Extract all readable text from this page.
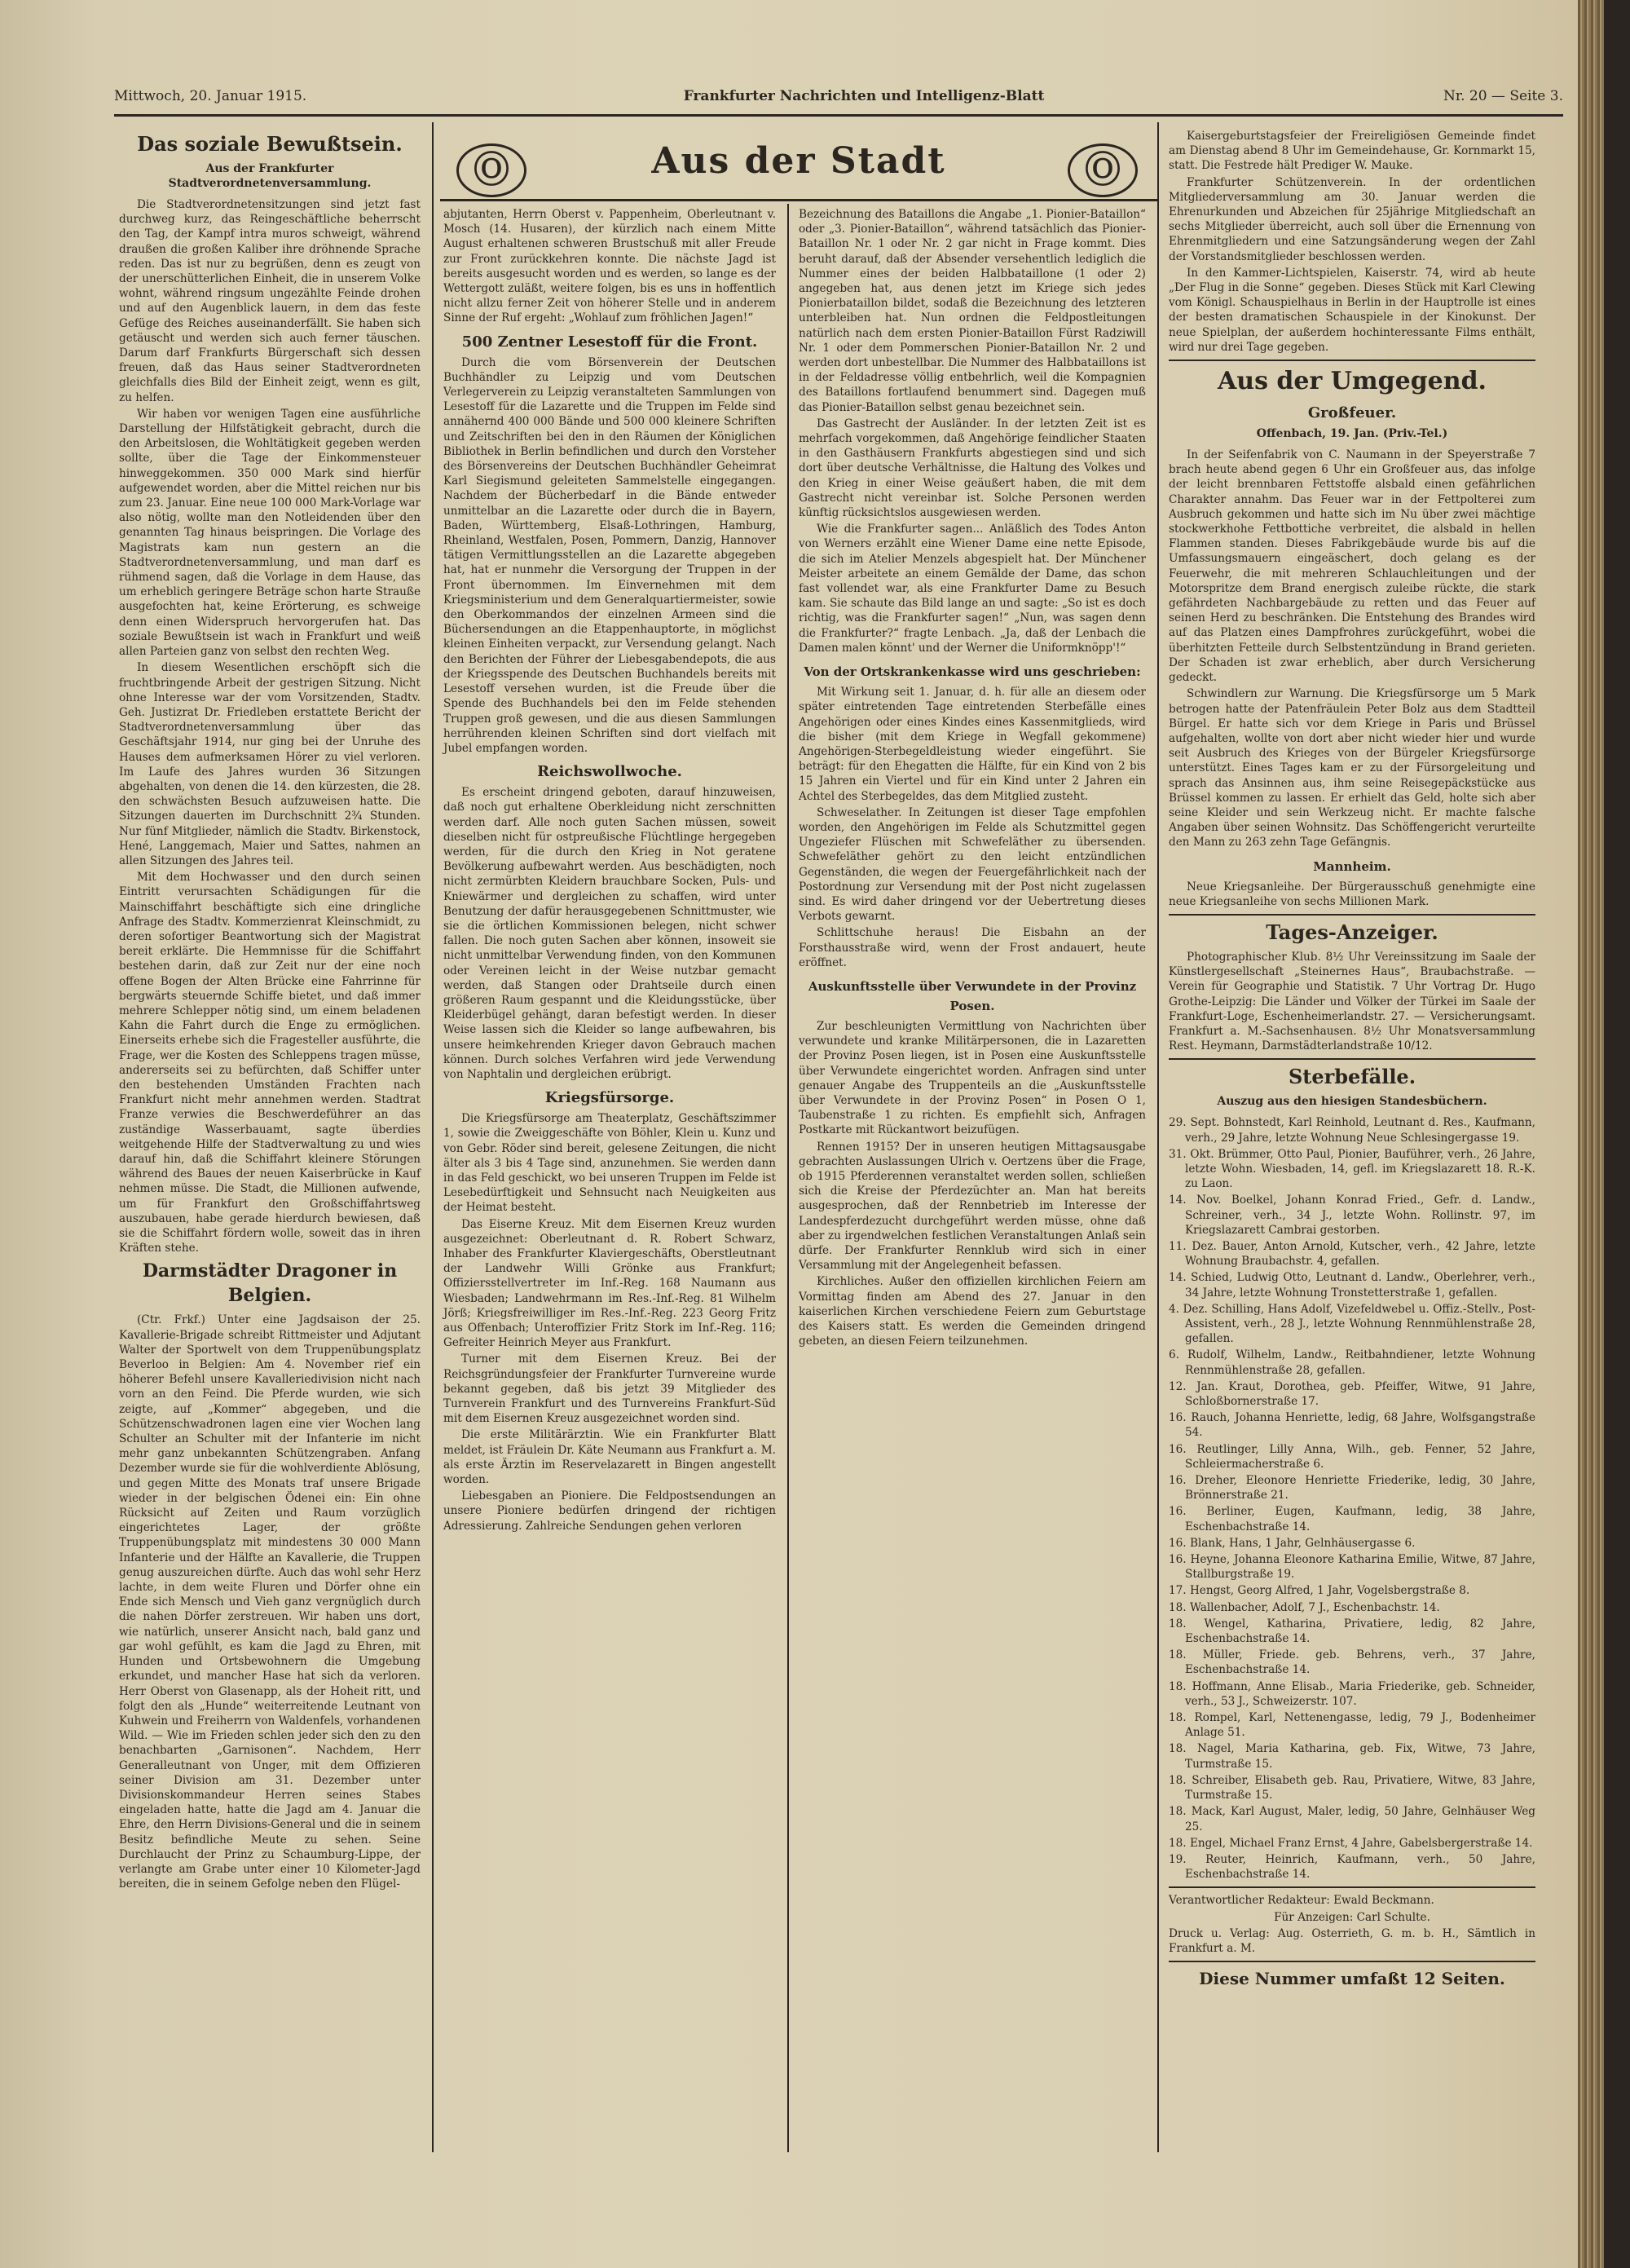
Mittwoch, 20. Januar 1915.	Frankfurter Nachrichten und Intelligenz-Blatt	Nr. 20 — Seite 3.
Ⓞ	Aus der Stadt	Ⓞ
Das soziale Bewußtsein.
Aus der Frankfurter Stadtverordnetenversammlung.

Die Stadtverordnetensitzungen sind jetzt fast durchweg kurz, das Reingeschäftliche beherrscht den Tag, der Kampf intra muros schweigt, während draußen die großen Kaliber ihre dröhnende Sprache reden. Das ist nur zu begrüßen, denn es zeugt von der unerschütterlichen Einheit, die in unserem Volke wohnt, während ringsum ungezählte Feinde drohen und auf den Augenblick lauern, in dem das feste Gefüge des Reiches auseinanderfällt. Sie haben sich getäuscht und werden sich auch ferner täuschen. Darum darf Frankfurts Bürgerschaft sich dessen freuen, daß das Haus seiner Stadtverordneten gleichfalls dies Bild der Einheit zeigt, wenn es gilt, zu helfen.

Wir haben vor wenigen Tagen eine ausführliche Darstellung der Hilfstätigkeit gebracht, durch die den Arbeitslosen, die Wohltätigkeit gegeben werden sollte, über die Tage der Einkommensteuer hinweggekommen. 350 000 Mark sind hierfür aufgewendet worden, aber die Mittel reichen nur bis zum 23. Januar. Eine neue 100 000 Mark-Vorlage war also nötig, wollte man den Notleidenden über den genannten Tag hinaus beispringen. Die Vorlage des Magistrats kam nun gestern an die Stadtverordnetenversammlung, und man darf es rühmend sagen, daß die Vorlage in dem Hause, das um erheblich geringere Beträge schon harte Strauße ausgefochten hat, keine Erörterung, es schweige denn einen Widerspruch hervorgerufen hat. Das soziale Bewußtsein ist wach in Frankfurt und weiß allen Parteien ganz von selbst den rechten Weg.

In diesem Wesentlichen erschöpft sich die fruchtbringende Arbeit der gestrigen Sitzung. Nicht ohne Interesse war der vom Vorsitzenden, Stadtv. Geh. Justizrat Dr. Friedleben erstattete Bericht der Stadtverordnetenversammlung über das Geschäftsjahr 1914, nur ging bei der Unruhe des Hauses dem aufmerksamen Hörer zu viel verloren. Im Laufe des Jahres wurden 36 Sitzungen abgehalten, von denen die 14. den kürzesten, die 28. den schwächsten Besuch aufzuweisen hatte. Die Sitzungen dauerten im Durchschnitt 2¾ Stunden. Nur fünf Mitglieder, nämlich die Stadtv. Birkenstock, Hené, Langgemach, Maier und Sattes, nahmen an allen Sitzungen des Jahres teil.

Mit dem Hochwasser und den durch seinen Eintritt verursachten Schädigungen für die Mainschiffahrt beschäftigte sich eine dringliche Anfrage des Stadtv. Kommerzienrat Kleinschmidt, zu deren sofortiger Beantwortung sich der Magistrat bereit erklärte. Die Hemmnisse für die Schiffahrt bestehen darin, daß zur Zeit nur der eine noch offene Bogen der Alten Brücke eine Fahrrinne für bergwärts steuernde Schiffe bietet, und daß immer mehrere Schlepper nötig sind, um einem beladenen Kahn die Fahrt durch die Enge zu ermöglichen. Einerseits erhebe sich die Fragesteller ausführte, die Frage, wer die Kosten des Schleppens tragen müsse, andererseits sei zu befürchten, daß Schiffer unter den bestehenden Umständen Frachten nach Frankfurt nicht mehr annehmen werden. Stadtrat Franze verwies die Beschwerdeführer an das zuständige Wasserbauamt, sagte überdies weitgehende Hilfe der Stadtverwaltung zu und wies darauf hin, daß die Schiffahrt kleinere Störungen während des Baues der neuen Kaiserbrücke in Kauf nehmen müsse. Die Stadt, die Millionen aufwende, um für Frankfurt den Großschiffahrtsweg auszubauen, habe gerade hierdurch bewiesen, daß sie die Schiffahrt fördern wolle, soweit das in ihren Kräften stehe.

Darmstädter Dragoner in Belgien.

(Ctr. Frkf.) Unter eine Jagdsaison der 25. Kavallerie-Brigade schreibt Rittmeister und Adjutant Walter der Sportwelt von dem Truppenübungsplatz Beverloo in Belgien: Am 4. November rief ein höherer Befehl unsere Kavalleriedivision nicht nach vorn an den Feind. Die Pferde wurden, wie sich zeigte, auf „Kommer“ abgegeben, und die Schützenschwadronen lagen eine vier Wochen lang Schulter an Schulter mit der Infanterie im nicht mehr ganz unbekannten Schützengraben. Anfang Dezember wurde sie für die wohlverdiente Ablösung, und gegen Mitte des Monats traf unsere Brigade wieder in der belgischen Ödenei ein: Ein ohne Rücksicht auf Zeiten und Raum vorzüglich eingerichtetes Lager, der größte Truppenübungsplatz mit mindestens 30 000 Mann Infanterie und der Hälfte an Kavallerie, die Truppen genug auszureichen dürfte. Auch das wohl sehr Herz lachte, in dem weite Fluren und Dörfer ohne ein Ende sich Mensch und Vieh ganz vergnüglich durch die nahen Dörfer zerstreuen. Wir haben uns dort, wie natürlich, unserer Ansicht nach, bald ganz und gar wohl gefühlt, es kam die Jagd zu Ehren, mit Hunden und Ortsbewohnern die Umgebung erkundet, und mancher Hase hat sich da verloren. Herr Oberst von Glasenapp, als der Hoheit ritt, und folgt den als „Hunde“ weiterreitende Leutnant von Kuhwein und Freiherrn von Waldenfels, vorhandenen Wild. — Wie im Frieden schlen jeder sich den zu den benachbarten „Garnisonen“. Nachdem, Herr Generalleutnant von Unger, mit dem Offizieren seiner Division am 31. Dezember unter Divisionskommandeur Herren seines Stabes eingeladen hatte, hatte die Jagd am 4. Januar die Ehre, den Herrn Divisions-General und die in seinem Besitz befindliche Meute zu sehen. Seine Durchlaucht der Prinz zu Schaumburg-Lippe, der verlangte am Grabe unter einer 10 Kilometer-Jagd bereiten, die in seinem Gefolge neben den Flügel-

abjutanten, Herrn Oberst v. Pappenheim, Oberleutnant v. Mosch (14. Husaren), der kürzlich nach einem Mitte August erhaltenen schweren Brustschuß mit aller Freude zur Front zurückkehren konnte. Die nächste Jagd ist bereits ausgesucht worden und es werden, so lange es der Wettergott zuläßt, weitere folgen, bis es uns in hoffentlich nicht allzu ferner Zeit von höherer Stelle und in anderem Sinne der Ruf ergeht: „Wohlauf zum fröhlichen Jagen!“

500 Zentner Lesestoff für die Front.

Durch die vom Börsenverein der Deutschen Buchhändler zu Leipzig und vom Deutschen Verlegerverein zu Leipzig veranstalteten Sammlungen von Lesestoff für die Lazarette und die Truppen im Felde sind annähernd 400 000 Bände und 500 000 kleinere Schriften und Zeitschriften bei den in den Räumen der Königlichen Bibliothek in Berlin befindlichen und durch den Vorsteher des Börsenvereins der Deutschen Buchhändler Geheimrat Karl Siegismund geleiteten Sammelstelle eingegangen. Nachdem der Bücherbedarf in die Bände entweder unmittelbar an die Lazarette oder durch die in Bayern, Baden, Württemberg, Elsaß-Lothringen, Hamburg, Rheinland, Westfalen, Posen, Pommern, Danzig, Hannover tätigen Vermittlungsstellen an die Lazarette abgegeben hat, hat er nunmehr die Versorgung der Truppen in der Front übernommen. Im Einvernehmen mit dem Kriegsministerium und dem Generalquartiermeister, sowie den Oberkommandos der einzelnen Armeen sind die Büchersendungen an die Etappenhauptorte, in möglichst kleinen Einheiten verpackt, zur Versendung gelangt. Nach den Berichten der Führer der Liebesgabendepots, die aus der Kriegsspende des Deutschen Buchhandels bereits mit Lesestoff versehen wurden, ist die Freude über die Spende des Buchhandels bei den im Felde stehenden Truppen groß gewesen, und die aus diesen Sammlungen herrührenden kleinen Schriften sind dort vielfach mit Jubel empfangen worden.

Reichswollwoche.

Es erscheint dringend geboten, darauf hinzuweisen, daß noch gut erhaltene Oberkleidung nicht zerschnitten werden darf. Alle noch guten Sachen müssen, soweit dieselben nicht für ostpreußische Flüchtlinge hergegeben werden, für die durch den Krieg in Not geratene Bevölkerung aufbewahrt werden. Aus beschädigten, noch nicht zermürbten Kleidern brauchbare Socken, Puls- und Kniewärmer und dergleichen zu schaffen, wird unter Benutzung der dafür herausgegebenen Schnittmuster, wie sie die örtlichen Kommissionen belegen, nicht schwer fallen. Die noch guten Sachen aber können, insoweit sie nicht unmittelbar Verwendung finden, von den Kommunen oder Vereinen leicht in der Weise nutzbar gemacht werden, daß Stangen oder Drahtseile durch einen größeren Raum gespannt und die Kleidungsstücke, über Kleiderbügel gehängt, daran befestigt werden. In dieser Weise lassen sich die Kleider so lange aufbewahren, bis unsere heimkehrenden Krieger davon Gebrauch machen können. Durch solches Verfahren wird jede Verwendung von Naphtalin und dergleichen erübrigt.

Kriegsfürsorge.

Die Kriegsfürsorge am Theaterplatz, Geschäftszimmer 1, sowie die Zweiggeschäfte von Böhler, Klein u. Kunz und von Gebr. Röder sind bereit, gelesene Zeitungen, die nicht älter als 3 bis 4 Tage sind, anzunehmen. Sie werden dann in das Feld geschickt, wo bei unseren Truppen im Felde ist Lesebedürftigkeit und Sehnsucht nach Neuigkeiten aus der Heimat besteht.

Das Eiserne Kreuz. Mit dem Eisernen Kreuz wurden ausgezeichnet: Oberleutnant d. R. Robert Schwarz, Inhaber des Frankfurter Klaviergeschäfts, Oberstleutnant der Landwehr Willi Grönke aus Frankfurt; Offiziersstellvertreter im Inf.-Reg. 168 Naumann aus Wiesbaden; Landwehrmann im Res.-Inf.-Reg. 81 Wilhelm Jörß; Kriegsfreiwilliger im Res.-Inf.-Reg. 223 Georg Fritz aus Offenbach; Unteroffizier Fritz Stork im Inf.-Reg. 116; Gefreiter Heinrich Meyer aus Frankfurt.

Turner mit dem Eisernen Kreuz. Bei der Reichsgründungsfeier der Frankfurter Turnvereine wurde bekannt gegeben, daß bis jetzt 39 Mitglieder des Turnverein Frankfurt und des Turnvereins Frankfurt-Süd mit dem Eisernen Kreuz ausgezeichnet worden sind.

Die erste Militärärztin. Wie ein Frankfurter Blatt meldet, ist Fräulein Dr. Käte Neumann aus Frankfurt a. M. als erste Ärztin im Reservelazarett in Bingen angestellt worden.

Liebesgaben an Pioniere. Die Feldpostsendungen an unsere Pioniere bedürfen dringend der richtigen Adressierung. Zahlreiche Sendungen gehen verloren

Bezeichnung des Bataillons die Angabe „1. Pionier-Bataillon“ oder „3. Pionier-Bataillon“, während tatsächlich das Pionier-Bataillon Nr. 1 oder Nr. 2 gar nicht in Frage kommt. Dies beruht darauf, daß der Absender versehentlich lediglich die Nummer eines der beiden Halbbataillone (1 oder 2) angegeben hat, aus denen jetzt im Kriege sich jedes Pionierbataillon bildet, sodaß die Bezeichnung des letzteren unterbleiben hat. Nun ordnen die Feldpostleitungen natürlich nach dem ersten Pionier-Bataillon Fürst Radziwill Nr. 1 oder dem Pommerschen Pionier-Bataillon Nr. 2 und werden dort unbestellbar. Die Nummer des Halbbataillons ist in der Feldadresse völlig entbehrlich, weil die Kompagnien des Bataillons fortlaufend benummert sind. Dagegen muß das Pionier-Bataillon selbst genau bezeichnet sein.

Das Gastrecht der Ausländer. In der letzten Zeit ist es mehrfach vorgekommen, daß Angehörige feindlicher Staaten in den Gasthäusern Frankfurts abgestiegen sind und sich dort über deutsche Verhältnisse, die Haltung des Volkes und den Krieg in einer Weise geäußert haben, die mit dem Gastrecht nicht vereinbar ist. Solche Personen werden künftig rücksichtslos ausgewiesen werden.

Wie die Frankfurter sagen... Anläßlich des Todes Anton von Werners erzählt eine Wiener Dame eine nette Episode, die sich im Atelier Menzels abgespielt hat. Der Münchener Meister arbeitete an einem Gemälde der Dame, das schon fast vollendet war, als eine Frankfurter Dame zu Besuch kam. Sie schaute das Bild lange an und sagte: „So ist es doch richtig, was die Frankfurter sagen!“ „Nun, was sagen denn die Frankfurter?“ fragte Lenbach. „Ja, daß der Lenbach die Damen malen könnt' und der Werner die Uniformknöpp'!“

Von der Ortskrankenkasse wird uns geschrieben:

Mit Wirkung seit 1. Januar, d. h. für alle an diesem oder später eintretenden Tage eintretenden Sterbefälle eines Angehörigen oder eines Kindes eines Kassenmitglieds, wird die bisher (mit dem Kriege in Wegfall gekommene) Angehörigen-Sterbegeldleistung wieder eingeführt. Sie beträgt: für den Ehegatten die Hälfte, für ein Kind von 2 bis 15 Jahren ein Viertel und für ein Kind unter 2 Jahren ein Achtel des Sterbegeldes, das dem Mitglied zusteht.

Schweselather. In Zeitungen ist dieser Tage empfohlen worden, den Angehörigen im Felde als Schutzmittel gegen Ungeziefer Flüschen mit Schwefeläther zu übersenden. Schwefeläther gehört zu den leicht entzündlichen Gegenständen, die wegen der Feuergefährlichkeit nach der Postordnung zur Versendung mit der Post nicht zugelassen sind. Es wird daher dringend vor der Uebertretung dieses Verbots gewarnt.

Schlittschuhe heraus! Die Eisbahn an der Forsthausstraße wird, wenn der Frost andauert, heute eröffnet.

Auskunftsstelle über Verwundete in der Provinz Posen.

Zur beschleunigten Vermittlung von Nachrichten über verwundete und kranke Militärpersonen, die in Lazaretten der Provinz Posen liegen, ist in Posen eine Auskunftsstelle über Verwundete eingerichtet worden. Anfragen sind unter genauer Angabe des Truppenteils an die „Auskunftsstelle über Verwundete in der Provinz Posen“ in Posen O 1, Taubenstraße 1 zu richten. Es empfiehlt sich, Anfragen Postkarte mit Rückantwort beizufügen.

Rennen 1915? Der in unseren heutigen Mittagsausgabe gebrachten Auslassungen Ulrich v. Oertzens über die Frage, ob 1915 Pferderennen veranstaltet werden sollen, schließen sich die Kreise der Pferdezüchter an. Man hat bereits ausgesprochen, daß der Rennbetrieb im Interesse der Landespferdezucht durchgeführt werden müsse, ohne daß aber zu irgendwelchen festlichen Veranstaltungen Anlaß sein dürfe. Der Frankfurter Rennklub wird sich in einer Versammlung mit der Angelegenheit befassen.

Kirchliches. Außer den offiziellen kirchlichen Feiern am Vormittag finden am Abend des 27. Januar in den kaiserlichen Kirchen verschiedene Feiern zum Geburtstage des Kaisers statt. Es werden die Gemeinden dringend gebeten, an diesen Feiern teilzunehmen.

Kaisergeburtstagsfeier der Freireligiösen Gemeinde findet am Dienstag abend 8 Uhr im Gemeindehause, Gr. Kornmarkt 15, statt. Die Festrede hält Prediger W. Mauke.

Frankfurter Schützenverein. In der ordentlichen Mitgliederversammlung am 30. Januar werden die Ehrenurkunden und Abzeichen für 25jährige Mitgliedschaft an sechs Mitglieder überreicht, auch soll über die Ernennung von Ehrenmitgliedern und eine Satzungsänderung wegen der Zahl der Vorstandsmitglieder beschlossen werden.

In den Kammer-Lichtspielen, Kaiserstr. 74, wird ab heute „Der Flug in die Sonne“ gegeben. Dieses Stück mit Karl Clewing vom Königl. Schauspielhaus in Berlin in der Hauptrolle ist eines der besten dramatischen Schauspiele in der Kinokunst. Der neue Spielplan, der außerdem hochinteressante Films enthält, wird nur drei Tage gegeben.

Aus der Umgegend.
Großfeuer.
Offenbach, 19. Jan. (Priv.-Tel.)

In der Seifenfabrik von C. Naumann in der Speyerstraße 7 brach heute abend gegen 6 Uhr ein Großfeuer aus, das infolge der leicht brennbaren Fettstoffe alsbald einen gefährlichen Charakter annahm. Das Feuer war in der Fettpolterei zum Ausbruch gekommen und hatte sich im Nu über zwei mächtige stockwerkhohe Fettbottiche verbreitet, die alsbald in hellen Flammen standen. Dieses Fabrikgebäude wurde bis auf die Umfassungsmauern eingeäschert, doch gelang es der Feuerwehr, die mit mehreren Schlauchleitungen und der Motorspritze dem Brand energisch zuleibe rückte, die stark gefährdeten Nachbargebäude zu retten und das Feuer auf seinen Herd zu beschränken. Die Entstehung des Brandes wird auf das Platzen eines Dampfrohres zurückgeführt, wobei die überhitzten Fetteile durch Selbstentzündung in Brand gerieten. Der Schaden ist zwar erheblich, aber durch Versicherung gedeckt.

Schwindlern zur Warnung. Die Kriegsfürsorge um 5 Mark betrogen hatte der Patenfräulein Peter Bolz aus dem Stadtteil Bürgel. Er hatte sich vor dem Kriege in Paris und Brüssel aufgehalten, wollte von dort aber nicht wieder hier und wurde seit Ausbruch des Krieges von der Bürgeler Kriegsfürsorge unterstützt. Eines Tages kam er zu der Fürsorgeleitung und sprach das Ansinnen aus, ihm seine Reisegepäckstücke aus Brüssel kommen zu lassen. Er erhielt das Geld, holte sich aber seine Kleider und sein Werkzeug nicht. Er machte falsche Angaben über seinen Wohnsitz. Das Schöffengericht verurteilte den Mann zu 263 zehn Tage Gefängnis.

Mannheim.

Neue Kriegsanleihe. Der Bürgerausschuß genehmigte eine neue Kriegsanleihe von sechs Millionen Mark.

Tages-Anzeiger.

Photographischer Klub. 8½ Uhr Vereinssitzung im Saale der Künstlergesellschaft „Steinernes Haus“, Braubachstraße. — Verein für Geographie und Statistik. 7 Uhr Vortrag Dr. Hugo Grothe-Leipzig: Die Länder und Völker der Türkei im Saale der Frankfurt-Loge, Eschenheimerlandstr. 27. — Versicherungsamt. Frankfurt a. M.-Sachsenhausen. 8½ Uhr Monatsversammlung Rest. Heymann, Darmstädterlandstraße 10/12.

Sterbefälle.
Auszug aus den hiesigen Standesbüchern.

29. Sept. Bohnstedt, Karl Reinhold, Leutnant d. Res., Kaufmann, verh., 29 Jahre, letzte Wohnung Neue Schlesingergasse 19.

31. Okt. Brümmer, Otto Paul, Pionier, Bauführer, verh., 26 Jahre, letzte Wohn. Wiesbaden, 14, gefl. im Kriegslazarett 18. R.-K. zu Laon.

14. Nov. Boelkel, Johann Konrad Fried., Gefr. d. Landw., Schreiner, verh., 34 J., letzte Wohn. Rollinstr. 97, im Kriegslazarett Cambrai gestorben.

11. Dez. Bauer, Anton Arnold, Kutscher, verh., 42 Jahre, letzte Wohnung Braubachstr. 4, gefallen.

14. Schied, Ludwig Otto, Leutnant d. Landw., Oberlehrer, verh., 34 Jahre, letzte Wohnung Tronstetterstraße 1, gefallen.

4. Dez. Schilling, Hans Adolf, Vizefeldwebel u. Offiz.-Stellv., Post-Assistent, verh., 28 J., letzte Wohnung Rennmühlenstraße 28, gefallen.

6. Rudolf, Wilhelm, Landw., Reitbahndiener, letzte Wohnung Rennmühlenstraße 28, gefallen.

12. Jan. Kraut, Dorothea, geb. Pfeiffer, Witwe, 91 Jahre, Schloßbornerstraße 17.

16. Rauch, Johanna Henriette, ledig, 68 Jahre, Wolfsgangstraße 54.

16. Reutlinger, Lilly Anna, Wilh., geb. Fenner, 52 Jahre, Schleiermacherstraße 6.

16. Dreher, Eleonore Henriette Friederike, ledig, 30 Jahre, Brönnerstraße 21.

16. Berliner, Eugen, Kaufmann, ledig, 38 Jahre, Eschenbachstraße 14.

16. Blank, Hans, 1 Jahr, Gelnhäusergasse 6.

16. Heyne, Johanna Eleonore Katharina Emilie, Witwe, 87 Jahre, Stallburgstraße 19.

17. Hengst, Georg Alfred, 1 Jahr, Vogelsbergstraße 8.

18. Wallenbacher, Adolf, 7 J., Eschenbachstr. 14.

18. Wengel, Katharina, Privatiere, ledig, 82 Jahre, Eschenbachstraße 14.

18. Müller, Friede. geb. Behrens, verh., 37 Jahre, Eschenbachstraße 14.

18. Hoffmann, Anne Elisab., Maria Friederike, geb. Schneider, verh., 53 J., Schweizerstr. 107.

18. Rompel, Karl, Nettenengasse, ledig, 79 J., Bodenheimer Anlage 51.

18. Nagel, Maria Katharina, geb. Fix, Witwe, 73 Jahre, Turmstraße 15.

18. Schreiber, Elisabeth geb. Rau, Privatiere, Witwe, 83 Jahre, Turmstraße 15.

18. Mack, Karl August, Maler, ledig, 50 Jahre, Gelnhäuser Weg 25.

18. Engel, Michael Franz Ernst, 4 Jahre, Gabelsbergerstraße 14.

19. Reuter, Heinrich, Kaufmann, verh., 50 Jahre, Eschenbachstraße 14.

Verantwortlicher Redakteur: Ewald Beckmann.

Für Anzeigen: Carl Schulte.

Druck u. Verlag: Aug. Osterrieth, G. m. b. H., Sämtlich in Frankfurt a. M.

Diese Nummer umfaßt 12 Seiten.
